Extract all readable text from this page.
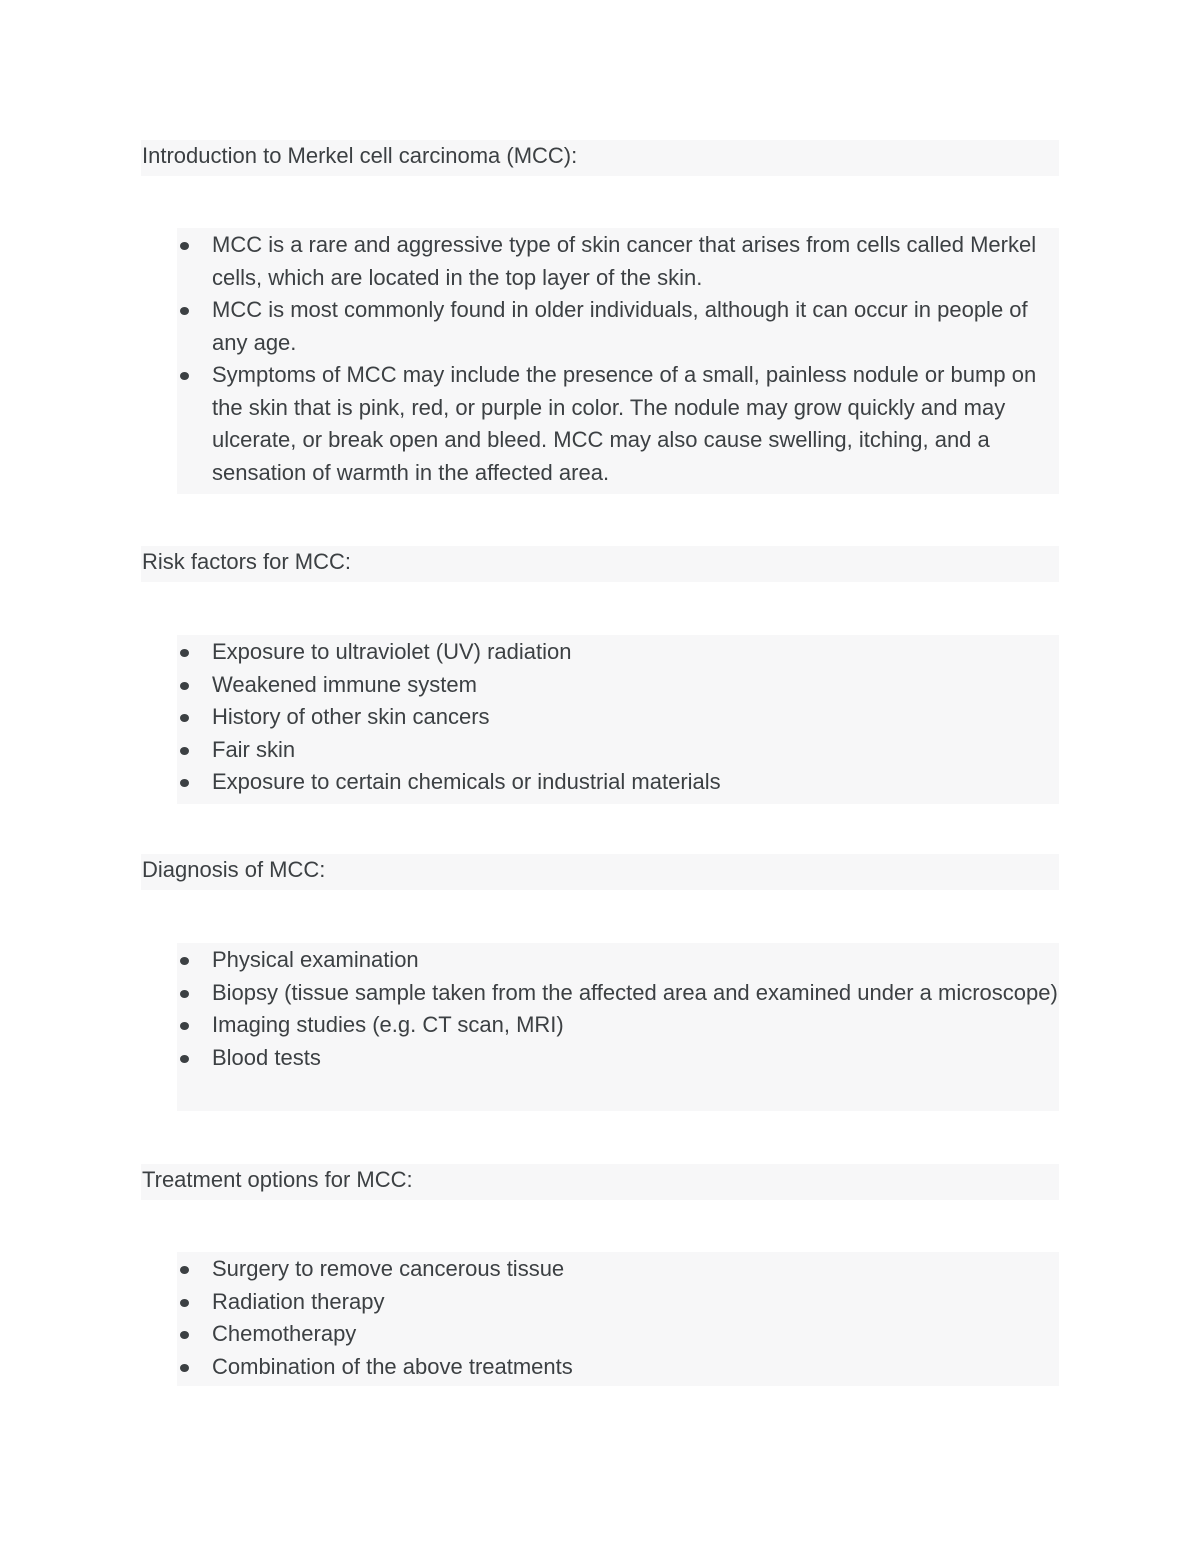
Introduction to Merkel cell carcinoma (MCC):
MCC is a rare and aggressive type of skin cancer that arises from cells called Merkel cells, which are located in the top layer of the skin.
MCC is most commonly found in older individuals, although it can occur in people of any age.
Symptoms of MCC may include the presence of a small, painless nodule or bump on the skin that is pink, red, or purple in color. The nodule may grow quickly and may ulcerate, or break open and bleed. MCC may also cause swelling, itching, and a sensation of warmth in the affected area.
Risk factors for MCC:
Exposure to ultraviolet (UV) radiation
Weakened immune system
History of other skin cancers
Fair skin
Exposure to certain chemicals or industrial materials
Diagnosis of MCC:
Physical examination
Biopsy (tissue sample taken from the affected area and examined under a microscope)
Imaging studies (e.g. CT scan, MRI)
Blood tests
Treatment options for MCC:
Surgery to remove cancerous tissue
Radiation therapy
Chemotherapy
Combination of the above treatments
